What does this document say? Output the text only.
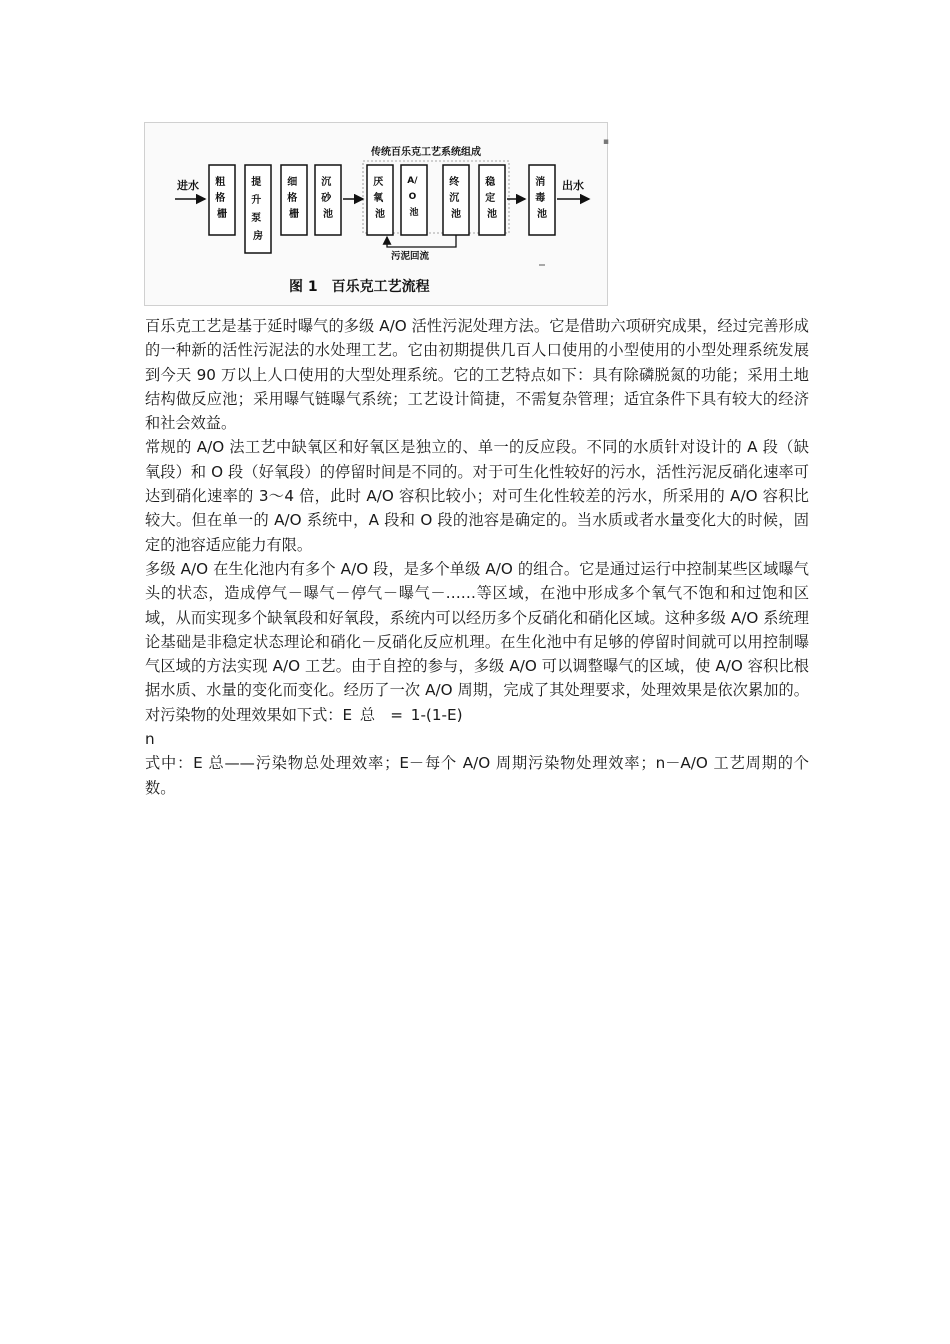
▪
传统百乐克工艺系统组成
进水 粗 格 栅
提 升 泵 房
细 格 栅
沉 砂 池
厌 氧 池
A/ O 池
终 沉 池
稳 定 池
消 毒 池
出水
污泥回流
图 1　百乐克工艺流程

百乐克工艺是基于延时曝气的多级 A/O 活性污泥处理方法。它是借助六项研究成果，经过完善形成的一种新的活性污泥法的水处理工艺。它由初期提供几百人口使用的小型使用的小型处理系统发展到今天 90 万以上人口使用的大型处理系统。它的工艺特点如下：具有除磷脱氮的功能；采用土地结构做反应池；采用曝气链曝气系统；工艺设计简捷，不需复杂管理；适宜条件下具有较大的经济和社会效益。

常规的 A/O 法工艺中缺氧区和好氧区是独立的、单一的反应段。不同的水质针对设计的 A 段（缺氧段）和 O 段（好氧段）的停留时间是不同的。对于可生化性较好的污水，活性污泥反硝化速率可达到硝化速率的 3～4 倍，此时 A/O 容积比较小；对可生化性较差的污水，所采用的 A/O 容积比较大。但在单一的 A/O 系统中，A 段和 O 段的池容是确定的。当水质或者水量变化大的时候，固定的池容适应能力有限。

多级 A/O 在生化池内有多个 A/O 段，是多个单级 A/O 的组合。它是通过运行中控制某些区域曝气头的状态，造成停气－曝气－停气－曝气－……等区域，在池中形成多个氧气不饱和和过饱和区域，从而实现多个缺氧段和好氧段，系统内可以经历多个反硝化和硝化区域。这种多级 A/O 系统理论基础是非稳定状态理论和硝化－反硝化反应机理。在生化池中有足够的停留时间就可以用控制曝气区域的方法实现 A/O 工艺。由于自控的参与，多级 A/O 可以调整曝气的区域，使 A/O 容积比根据水质、水量的变化而变化。经历了一次 A/O 周期，完成了其处理要求，处理效果是依次累加的。对污染物的处理效果如下式：E 总　= 1-(1-E)
n

式中：E 总——污染物总处理效率；E－每个 A/O 周期污染物处理效率；n－A/O 工艺周期的个数。
